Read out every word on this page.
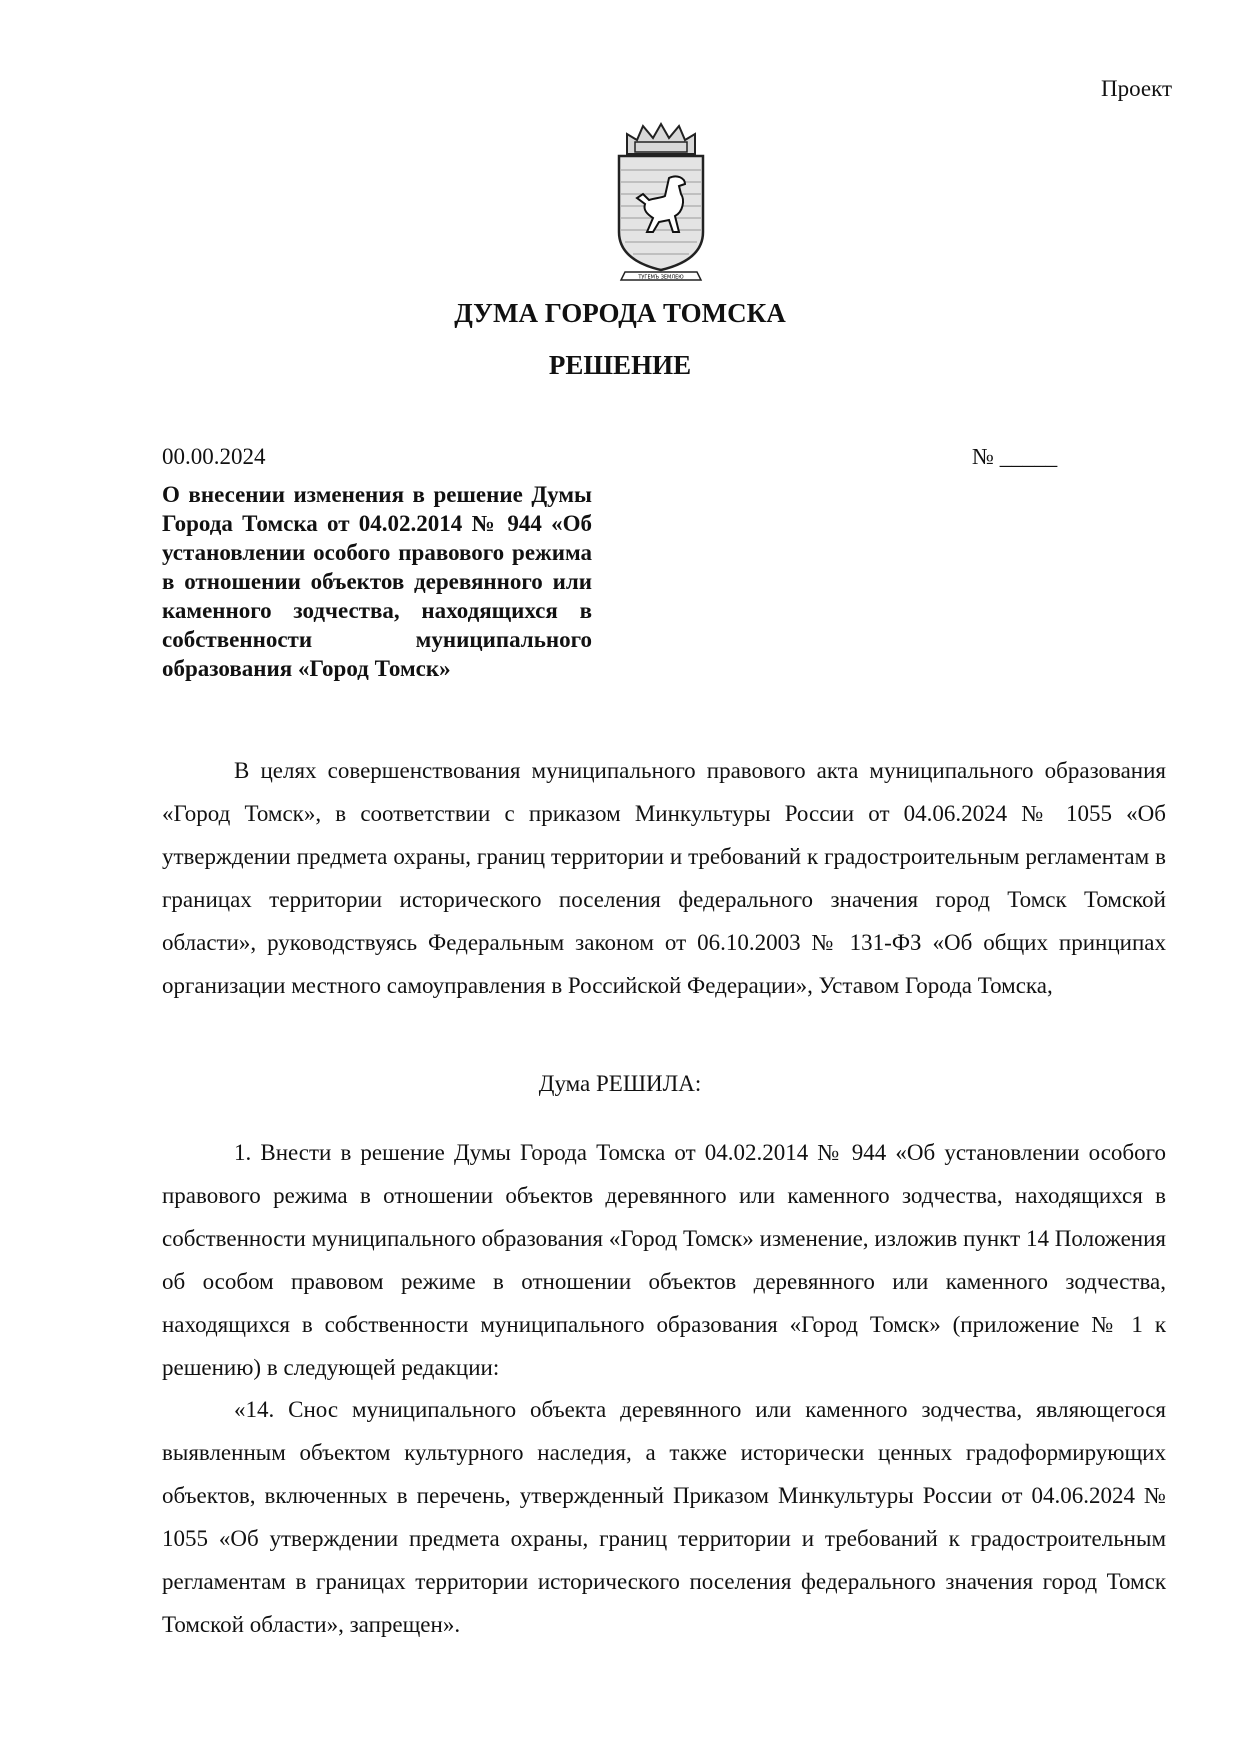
Проект
ТУГЕМЪ ЗЕМЛЕЮ
ДУМА ГОРОДА ТОМСКА
РЕШЕНИЕ
00.00.2024	№ _____
О внесении изменения в решение Думы Города Томска от 04.02.2014 № 944 «Об установлении особого правового режима в отношении объектов деревянного или каменного зодчества, находящихся в собственности муниципального образования «Город Томск»
В целях совершенствования муниципального правового акта муниципального образования «Город Томск», в соответствии с приказом Минкультуры России от 04.06.2024 № 1055 «Об утверждении предмета охраны, границ территории и требований к градостроительным регламентам в границах территории исторического поселения федерального значения город Томск Томской области», руководствуясь Федеральным законом от 06.10.2003 № 131-ФЗ «Об общих принципах организации местного самоуправления в Российской Федерации», Уставом Города Томска,
Дума РЕШИЛА:
1. Внести в решение Думы Города Томска от 04.02.2014 № 944 «Об установлении особого правового режима в отношении объектов деревянного или каменного зодчества, находящихся в собственности муниципального образования «Город Томск» изменение, изложив пункт 14 Положения об особом правовом режиме в отношении объектов деревянного или каменного зодчества, находящихся в собственности муниципального образования «Город Томск» (приложение № 1 к решению) в следующей редакции:
«14. Снос муниципального объекта деревянного или каменного зодчества, являющегося выявленным объектом культурного наследия, а также исторически ценных градоформирующих объектов, включенных в перечень, утвержденный Приказом Минкультуры России от 04.06.2024 № 1055 «Об утверждении предмета охраны, границ территории и требований к градостроительным регламентам в границах территории исторического поселения федерального значения город Томск Томской области», запрещен».
